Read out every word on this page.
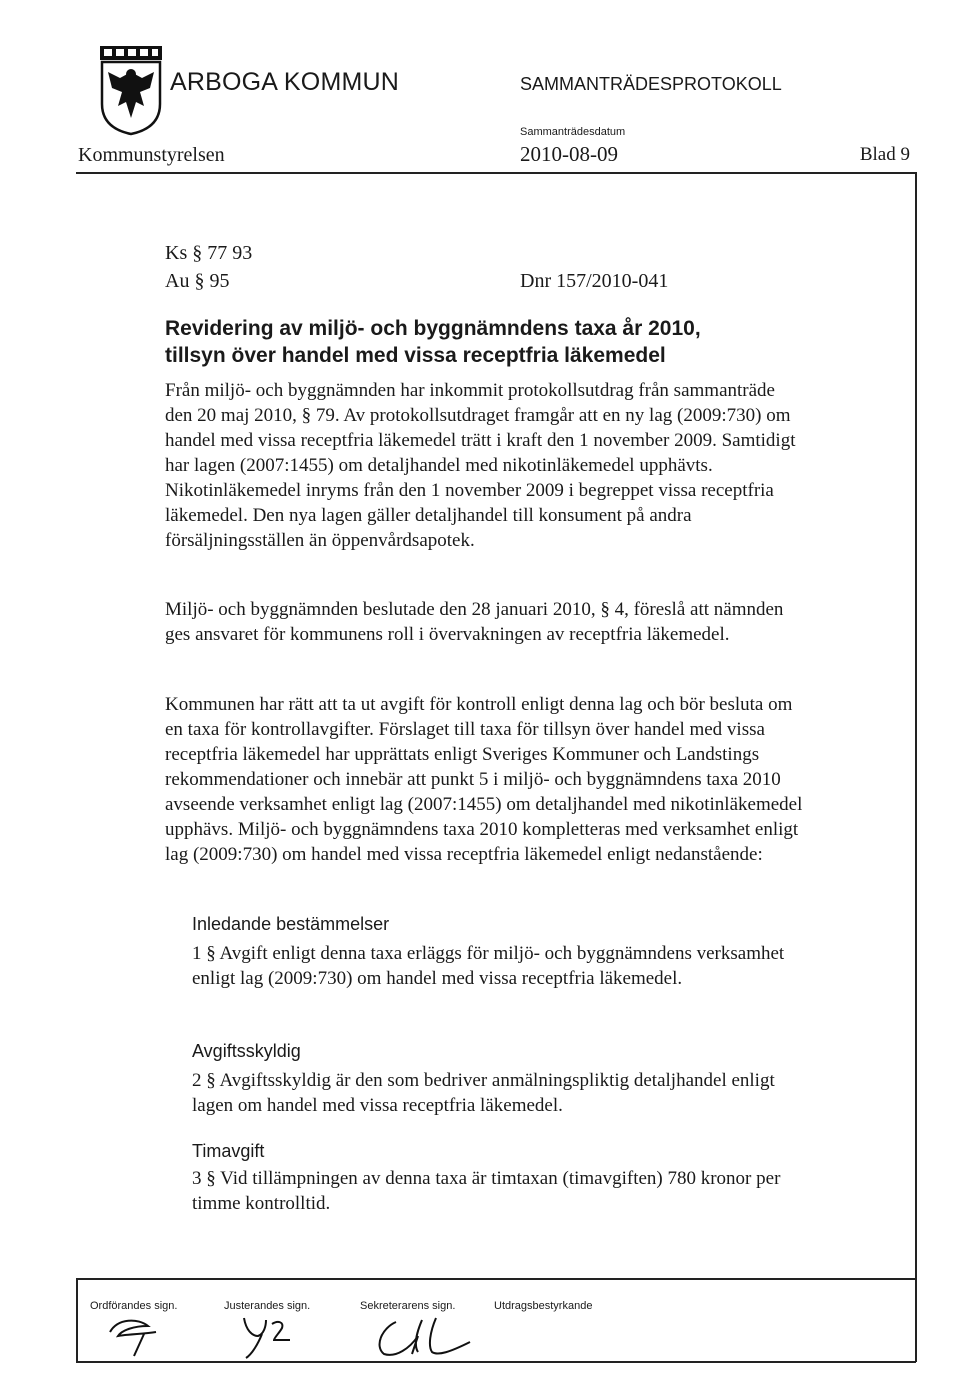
ARBOGA KOMMUN	SAMMANTRÄDESPROTOKOLL
Sammanträdesdatum
Kommunstyrelsen	2010-08-09	Blad 9
Ks § 77 93
Au § 95	Dnr 157/2010-041
Revidering av miljö- och byggnämndens taxa år 2010,
tillsyn över handel med vissa receptfria läkemedel
Från miljö- och byggnämnden har inkommit protokollsutdrag från sammanträde den 20 maj 2010, § 79. Av protokollsutdraget framgår att en ny lag (2009:730) om handel med vissa receptfria läkemedel trätt i kraft den 1 november 2009. Samtidigt har lagen (2007:1455) om detaljhandel med nikotinläkemedel upphävts. Nikotinläkemedel inryms från den 1 november 2009 i begreppet vissa receptfria läkemedel. Den nya lagen gäller detaljhandel till konsument på andra försäljningsställen än öppenvårdsapotek.
Miljö- och byggnämnden beslutade den 28 januari 2010, § 4, föreslå att nämnden ges ansvaret för kommunens roll i övervakningen av receptfria läkemedel.
Kommunen har rätt att ta ut avgift för kontroll enligt denna lag och bör besluta om en taxa för kontrollavgifter. Förslaget till taxa för tillsyn över handel med vissa receptfria läkemedel har upprättats enligt Sveriges Kommuner och Landstings rekommendationer och innebär att punkt 5 i miljö- och byggnämndens taxa 2010 avseende verksamhet enligt lag (2007:1455) om detaljhandel med nikotinläkemedel upphävs. Miljö- och byggnämndens taxa 2010 kompletteras med verksamhet enligt lag (2009:730) om handel med vissa receptfria läkemedel enligt nedanstående:
Inledande bestämmelser
1 § Avgift enligt denna taxa erläggs för miljö- och byggnämndens verksamhet enligt lag (2009:730) om handel med vissa receptfria läkemedel.
Avgiftsskyldig
2 § Avgiftsskyldig är den som bedriver anmälningspliktig detaljhandel enligt lagen om handel med vissa receptfria läkemedel.
Timavgift
3 § Vid tillämpningen av denna taxa är timtaxan (timavgiften) 780 kronor per timme kontrolltid.
Ordförandes sign.	Justerandes sign.	Sekreterarens sign.	Utdragsbestyrkande
